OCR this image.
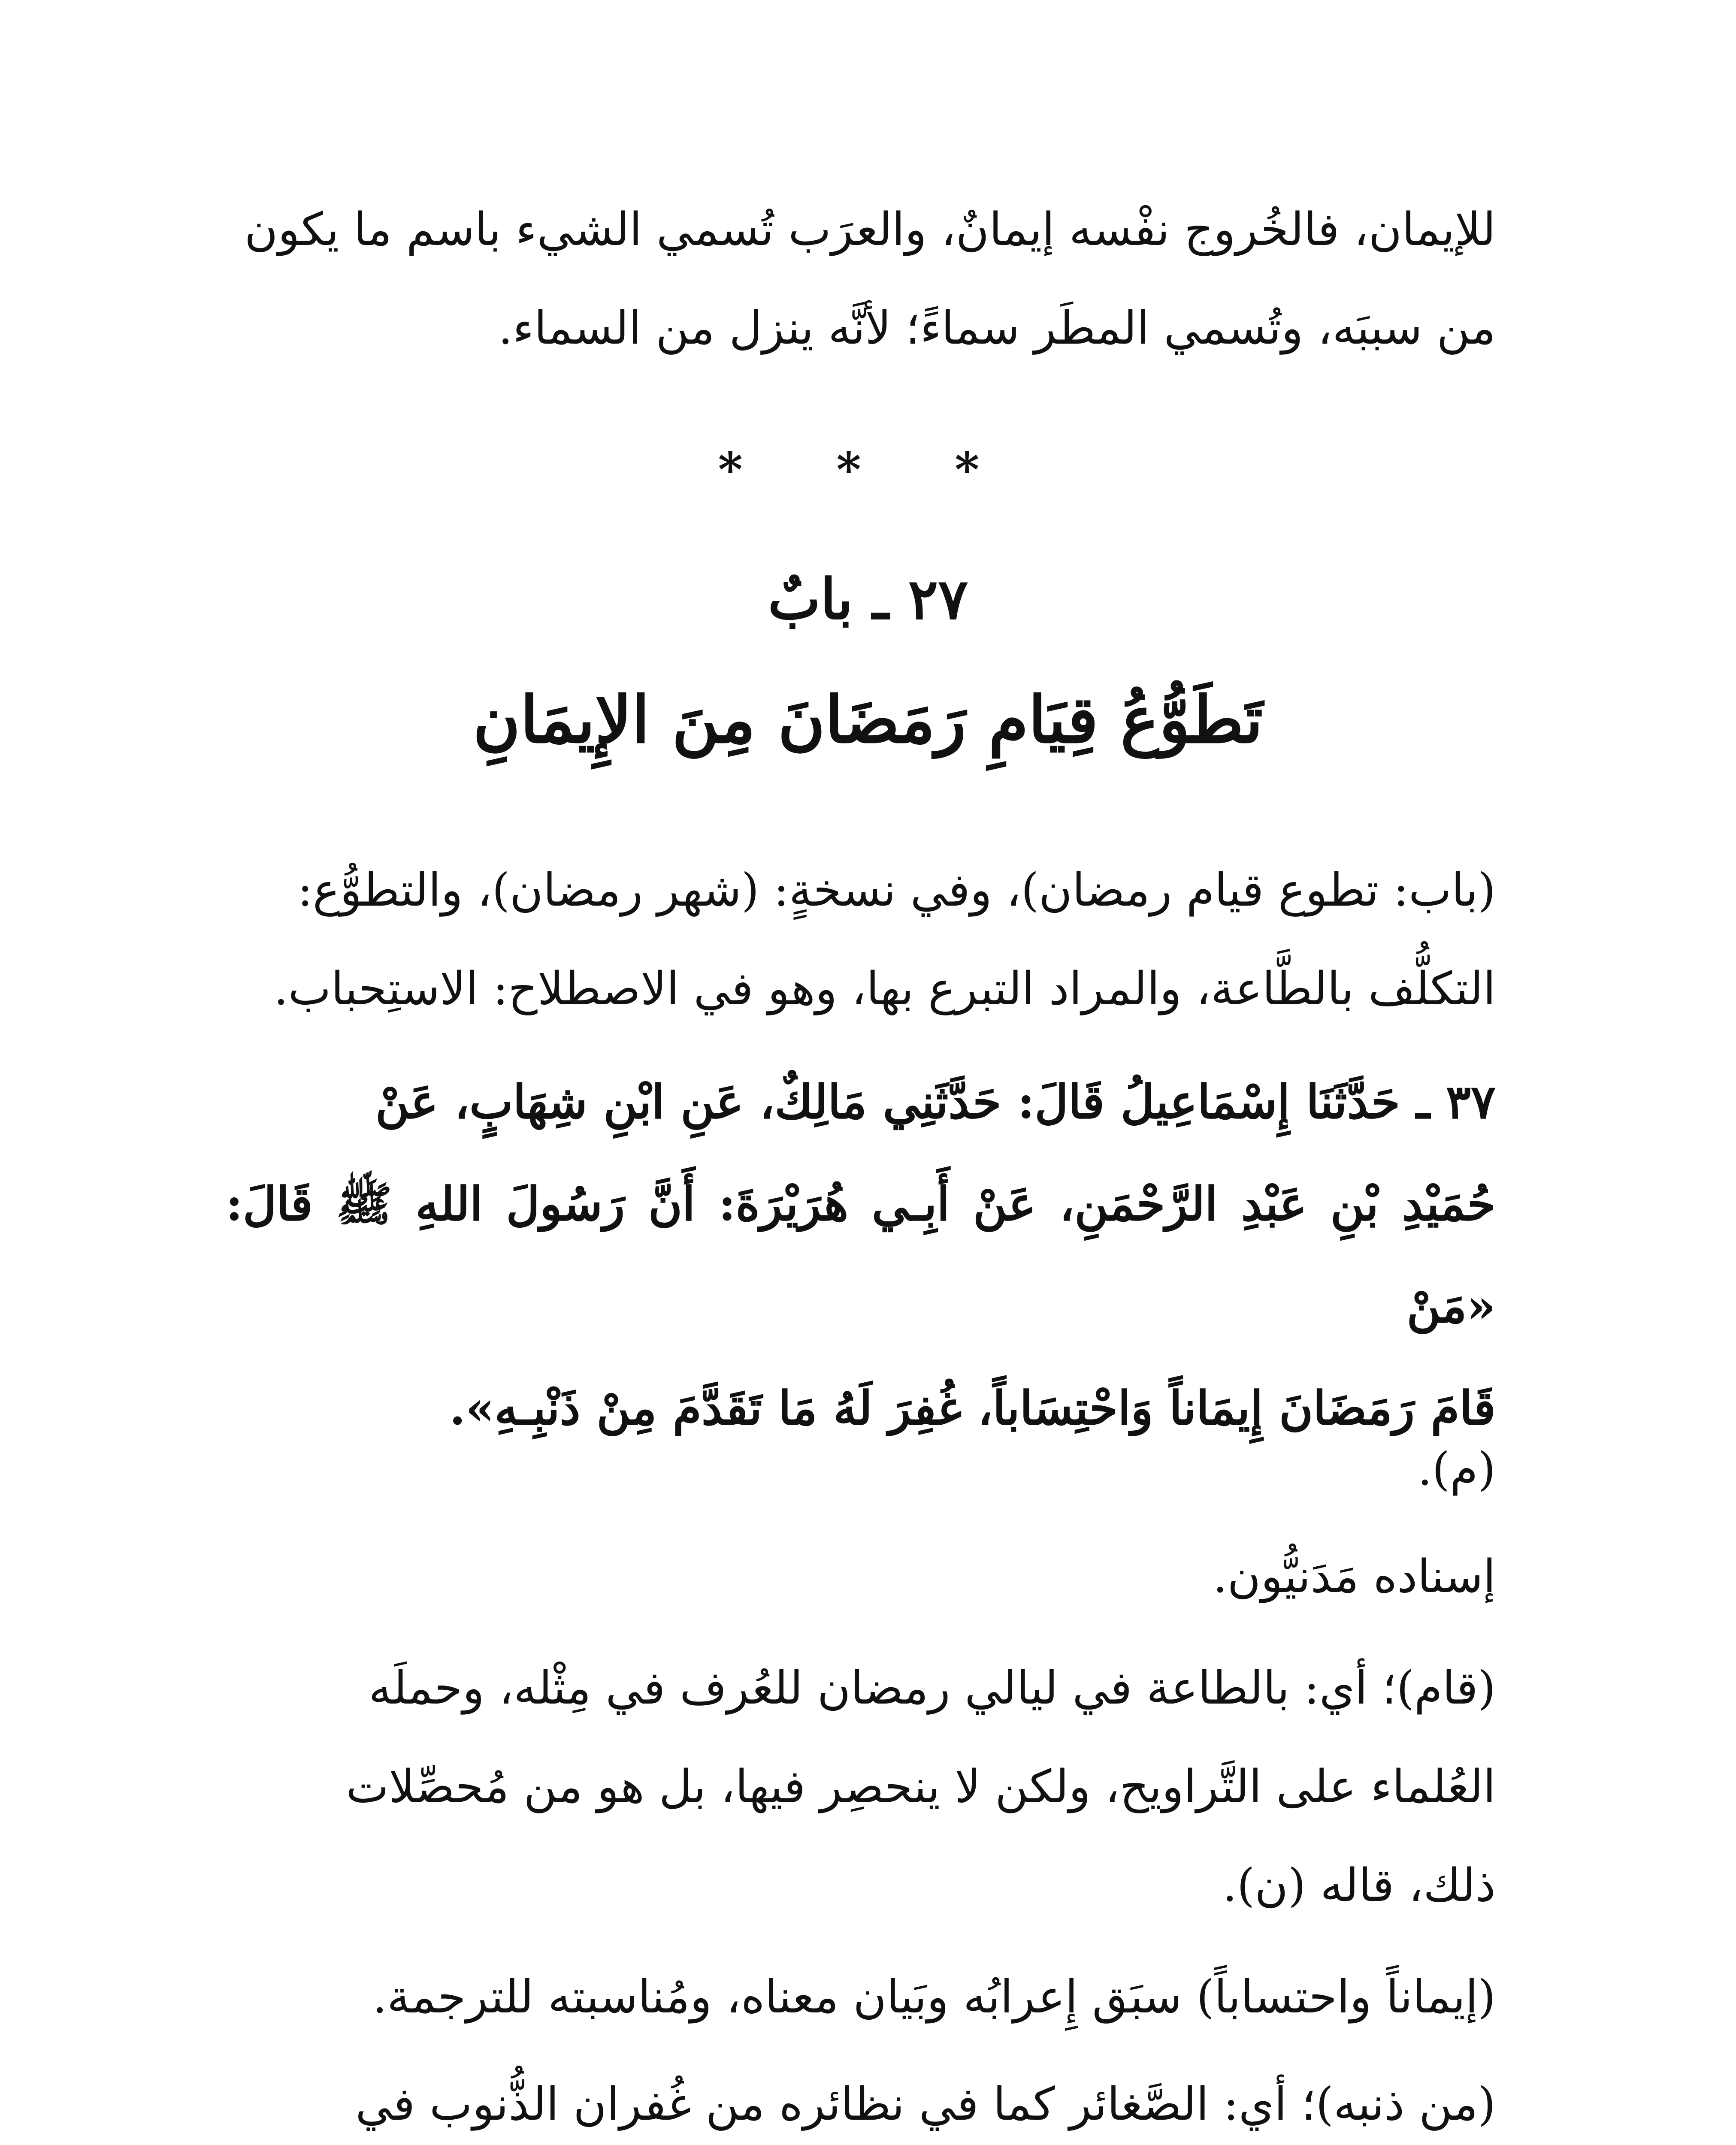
للإيمان، فالخُروج نفْسه إيمانٌ، والعرَب تُسمي الشيء باسم ما يكون

من سببَه، وتُسمي المطَر سماءً؛ لأنَّه ينزل من السماء.

* * *
٢٧ ـ بابٌ
تَطَوُّعُ قِيَامِ رَمَضَانَ مِنَ الإِيمَانِ

(باب: تطوع قيام رمضان)، وفي نسخةٍ: (شهر رمضان)، والتطوُّع:

التكلُّف بالطَّاعة، والمراد التبرع بها، وهو في الاصطلاح: الاستِحباب.

٣٧ ـ حَدَّثَنَا إِسْمَاعِيلُ قَالَ: حَدَّثَنِي مَالِكٌ، عَنِ ابْنِ شِهَابٍ، عَنْ

حُمَيْدِ بْنِ عَبْدِ الرَّحْمَنِ، عَنْ أَبِـي هُرَيْرَةَ: أَنَّ رَسُولَ اللهِ ﷺ قَالَ: «مَنْ

قَامَ رَمَضَانَ إِيمَاناً وَاحْتِسَاباً، غُفِرَ لَهُ مَا تَقَدَّمَ مِنْ ذَنْبِـهِ».

(م).

إسناده مَدَنيُّون.

(قام)؛ أي: بالطاعة في ليالي رمضان للعُرف في مِثْله، وحملَه

العُلماء على التَّراويح، ولكن لا ينحصِر فيها، بل هو من مُحصِّلات

ذلك، قاله (ن).

(إيماناً واحتساباً) سبَق إِعرابُه وبَيان معناه، ومُناسبته للترجمة.

(من ذنبه)؛ أي: الصَّغائر كما في نظائره من غُفران الذُّنوب في
